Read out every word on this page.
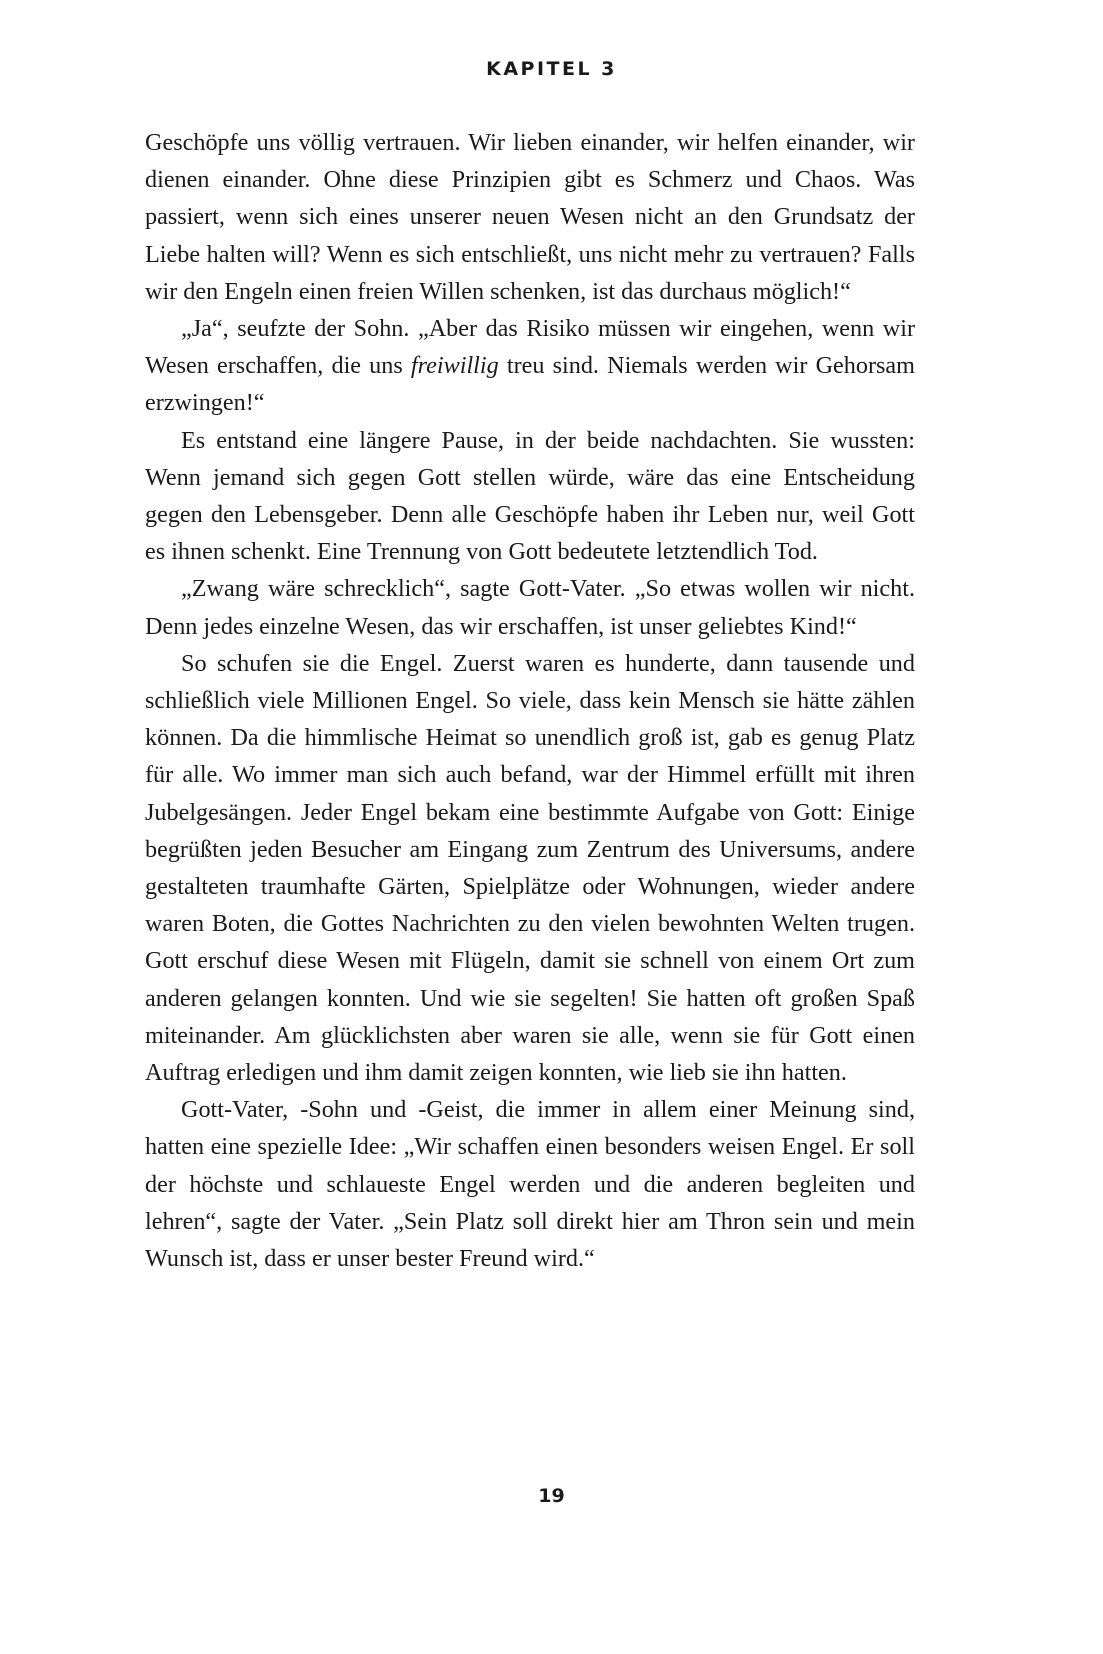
KAPITEL 3

Geschöpfe uns völlig vertrauen. Wir lieben einander, wir helfen einander, wir dienen einander. Ohne diese Prinzipien gibt es Schmerz und Chaos. Was passiert, wenn sich eines unserer neuen Wesen nicht an den Grundsatz der Liebe halten will? Wenn es sich entschließt, uns nicht mehr zu vertrauen? Falls wir den Engeln einen freien Willen schenken, ist das durchaus möglich!“

„Ja“, seufzte der Sohn. „Aber das Risiko müssen wir eingehen, wenn wir Wesen erschaffen, die uns freiwillig treu sind. Niemals werden wir Gehorsam erzwingen!“

Es entstand eine längere Pause, in der beide nachdachten. Sie wussten: Wenn jemand sich gegen Gott stellen würde, wäre das eine Entscheidung gegen den Lebensgeber. Denn alle Geschöpfe haben ihr Leben nur, weil Gott es ihnen schenkt. Eine Trennung von Gott bedeutete letztendlich Tod.

„Zwang wäre schrecklich“, sagte Gott-Vater. „So etwas wollen wir nicht. Denn jedes einzelne Wesen, das wir erschaffen, ist unser geliebtes Kind!“

So schufen sie die Engel. Zuerst waren es hunderte, dann tausende und schließlich viele Millionen Engel. So viele, dass kein Mensch sie hätte zählen können. Da die himmlische Heimat so unendlich groß ist, gab es genug Platz für alle. Wo immer man sich auch befand, war der Himmel erfüllt mit ihren Jubelgesängen. Jeder Engel bekam eine bestimmte Aufgabe von Gott: Einige begrüßten jeden Besucher am Eingang zum Zentrum des Universums, andere gestalteten traumhafte Gärten, Spielplätze oder Wohnungen, wieder andere waren Boten, die Gottes Nachrichten zu den vielen bewohnten Welten trugen. Gott erschuf diese Wesen mit Flügeln, damit sie schnell von einem Ort zum anderen gelangen konnten. Und wie sie segelten! Sie hatten oft großen Spaß miteinander. Am glücklichsten aber waren sie alle, wenn sie für Gott einen Auftrag erledigen und ihm damit zeigen konnten, wie lieb sie ihn hatten.

Gott-Vater, -Sohn und -Geist, die immer in allem einer Meinung sind, hatten eine spezielle Idee: „Wir schaffen einen besonders weisen Engel. Er soll der höchste und schlaueste Engel werden und die anderen begleiten und lehren“, sagte der Vater. „Sein Platz soll direkt hier am Thron sein und mein Wunsch ist, dass er unser bester Freund wird.“

19
